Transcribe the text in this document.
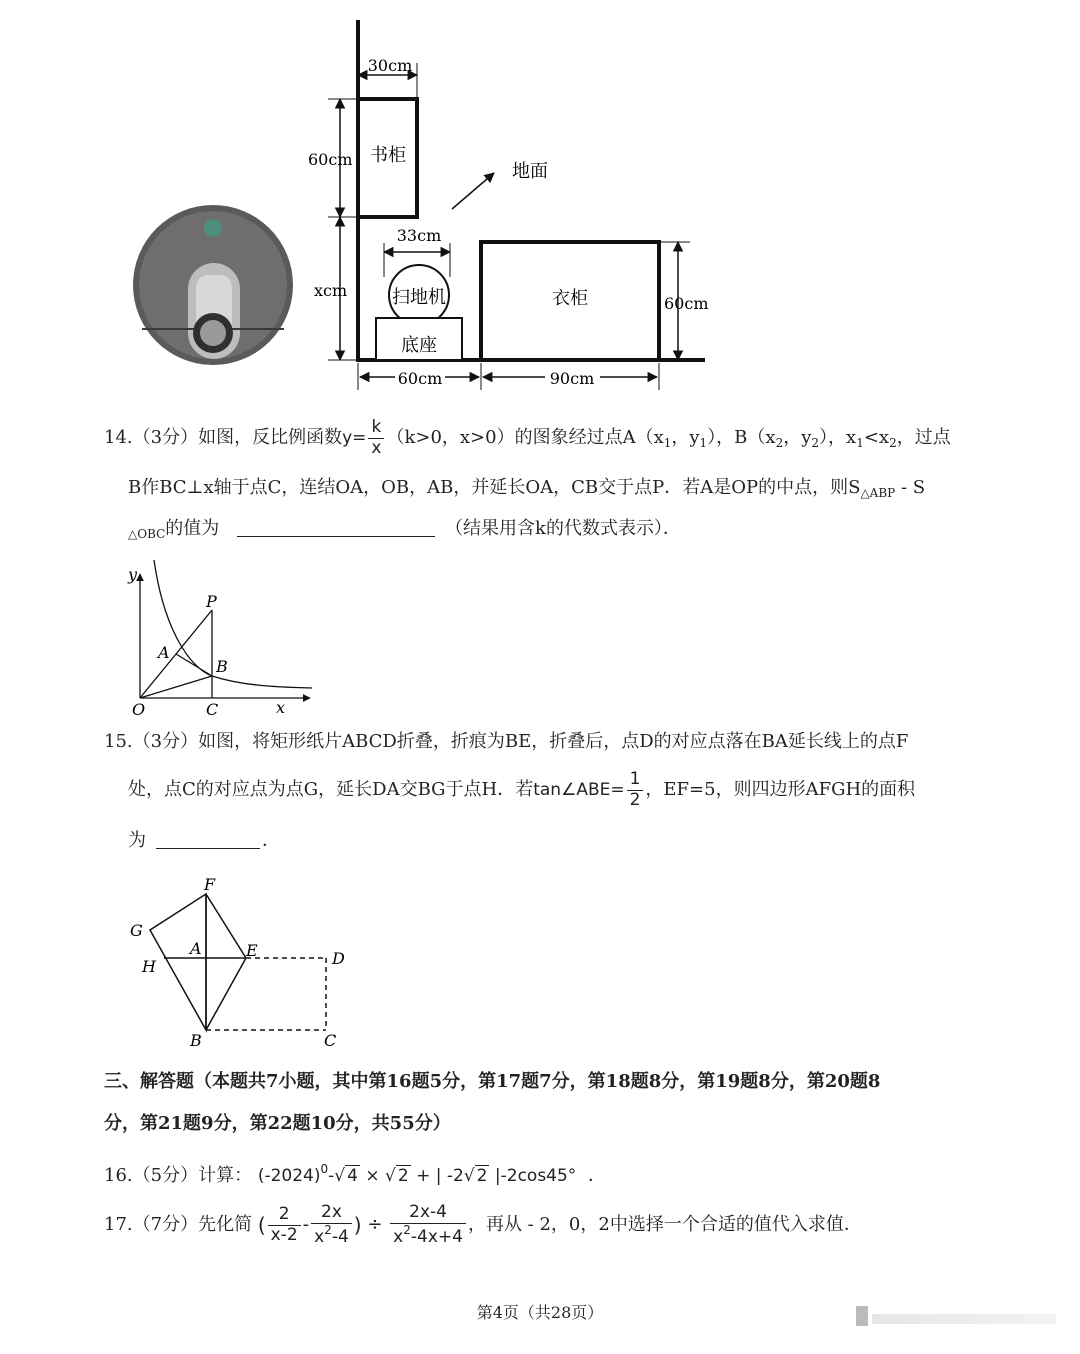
30cm
60cm 书柜
地面
33cm
xcm 扫地机
底座
衣柜	60cm
60cm	90cm
14.（3分）如图，反比例函数$y= \frac{k}{x} (k>0$，x>0）的图象经过点$A(x_1$，$y_1$），$B(x_2$，$y_2$），$x_1<x_2$，过点
B作BC⊥x轴于点C，连结OA，OB，AB，并延长OA，CB交于点P．若A是OP的中点，则$S_{\triangle ABP}$ - S
$_{\triangle OBC}$的值为	（结果用含k的代数式表示）．
y
P
A
B
O	C	x
15.（3分）如图，将矩形纸片ABCD折叠，折痕为BE，折叠后，点D的对应点落在BA延长线上的点F
处，点C的对应点为点G，延长DA交BG于点H．若tan∠ABE= $\frac{1}{2}$ ，EF=5，则四边形AFGH的面积
为	．
F
G
A	E	D
H
B	C
三、解答题（本题共7小题，其中第16题5分，第17题7分，第18题8分，第19题8分，第20题8
分，第21题9分，第22题10分，共55分）
16.（5分）计算： $(-2024)^0-√$ 4 × √ 2 + | -2√ 2 |-2cos45° ．
17.（7分）先化简 ( $\frac{2}{x-2} - \frac{2x}{x^2-4}$ ) ÷ $\frac{2x-4}{x^2-4x+4}$ ，再从 - 2，0，2中选择一个合适的值代入求值．
第4页（共28页）
